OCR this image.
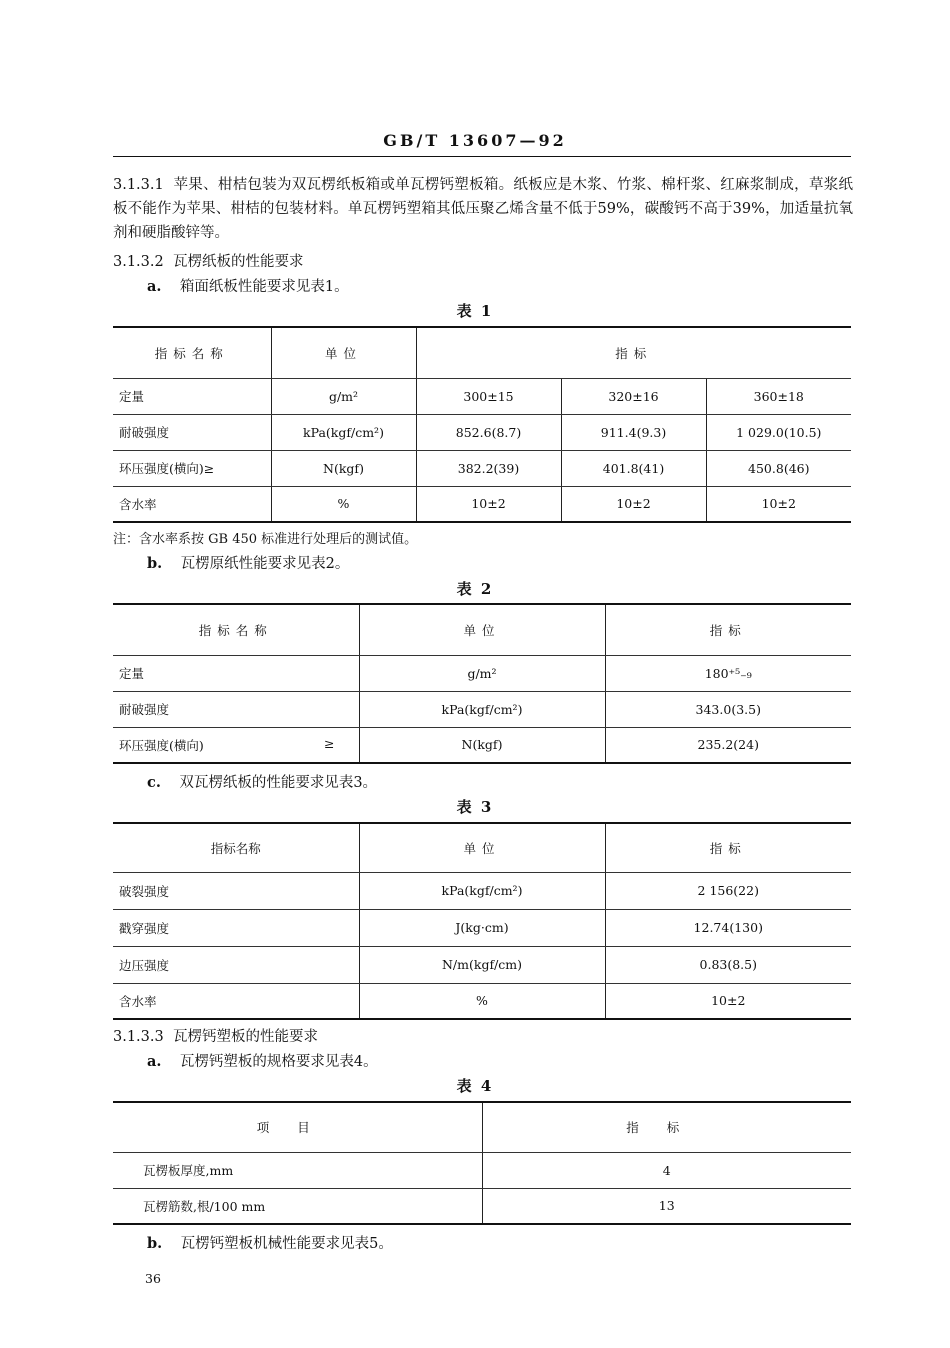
GB/T 13607—92
3.1.3.1 苹果、柑桔包装为双瓦楞纸板箱或单瓦楞钙塑板箱。纸板应是木浆、竹浆、棉杆浆、红麻浆制成，草浆纸板不能作为苹果、柑桔的包装材料。单瓦楞钙塑箱其低压聚乙烯含量不低于59%，碳酸钙不高于39%，加适量抗氧剂和硬脂酸锌等。
3.1.3.2 瓦楞纸板的性能要求
a. 箱面纸板性能要求见表1。
表 1
指标名称	单位	指标		
定量	g/m²	300±15	320±16	360±18
耐破强度	kPa(kgf/cm²)	852.6(8.7)	911.4(9.3)	1 029.0(10.5)
环压强度(横向)≥	N(kgf)	382.2(39)	401.8(41)	450.8(46)
含水率	%	10±2	10±2	10±2
注：含水率系按 GB 450 标准进行处理后的测试值。
b. 瓦楞原纸性能要求见表2。
表 2
指标名称	单位	指标
定量	g/m²	180⁺⁵₋₉
耐破强度	kPa(kgf/cm²)	343.0(3.5)
环压强度(横向) ≥	N(kgf)	235.2(24)
c. 双瓦楞纸板的性能要求见表3。
表 3
指标名称	单位	指标
破裂强度	kPa(kgf/cm²)	2 156(22)
戳穿强度	J(kg·cm)	12.74(130)
边压强度	N/m(kgf/cm)	0.83(8.5)
含水率	%	10±2
3.1.3.3 瓦楞钙塑板的性能要求
a. 瓦楞钙塑板的规格要求见表4。
表 4
项目	指标
瓦楞板厚度,mm	4
瓦楞筋数,根/100 mm	13
b. 瓦楞钙塑板机械性能要求见表5。
36
